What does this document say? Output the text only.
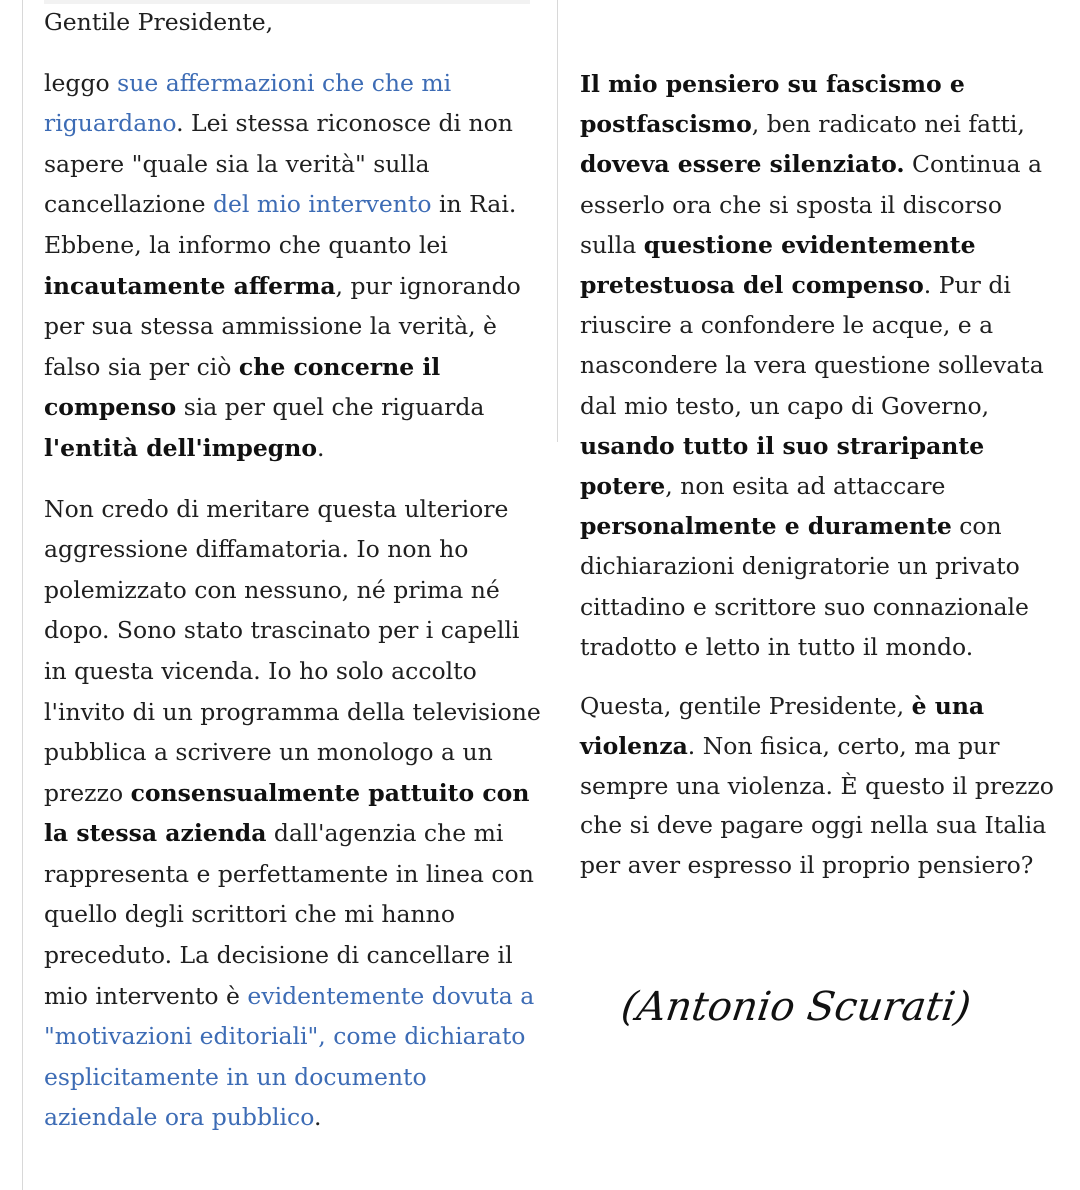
Gentile Presidente,

leggo sue affermazioni che che mi riguardano. Lei stessa riconosce di non sapere "quale sia la verità" sulla cancellazione del mio intervento in Rai. Ebbene, la informo che quanto lei incautamente afferma, pur ignorando per sua stessa ammissione la verità, è falso sia per ciò che concerne il compenso sia per quel che riguarda l'entità dell'impegno.

Non credo di meritare questa ulteriore aggressione diffamatoria. Io non ho polemizzato con nessuno, né prima né dopo. Sono stato trascinato per i capelli in questa vicenda. Io ho solo accolto l'invito di un programma della televisione pubblica a scrivere un monologo a un prezzo consensualmente pattuito con la stessa azienda dall'agenzia che mi rappresenta e perfettamente in linea con quello degli scrittori che mi hanno preceduto. La decisione di cancellare il mio intervento è evidentemente dovuta a "motivazioni editoriali", come dichiarato esplicitamente in un documento aziendale ora pubblico.

Il mio pensiero su fascismo e postfascismo, ben radicato nei fatti, doveva essere silenziato. Continua a esserlo ora che si sposta il discorso sulla questione evidentemente pretestuosa del compenso. Pur di riuscire a confondere le acque, e a nascondere la vera questione sollevata dal mio testo, un capo di Governo, usando tutto il suo straripante potere, non esita ad attaccare personalmente e duramente con dichiarazioni denigratorie un privato cittadino e scrittore suo connazionale tradotto e letto in tutto il mondo.

Questa, gentile Presidente, è una violenza. Non fisica, certo, ma pur sempre una violenza. È questo il prezzo che si deve pagare oggi nella sua Italia per aver espresso il proprio pensiero?

(Antonio Scurati)
